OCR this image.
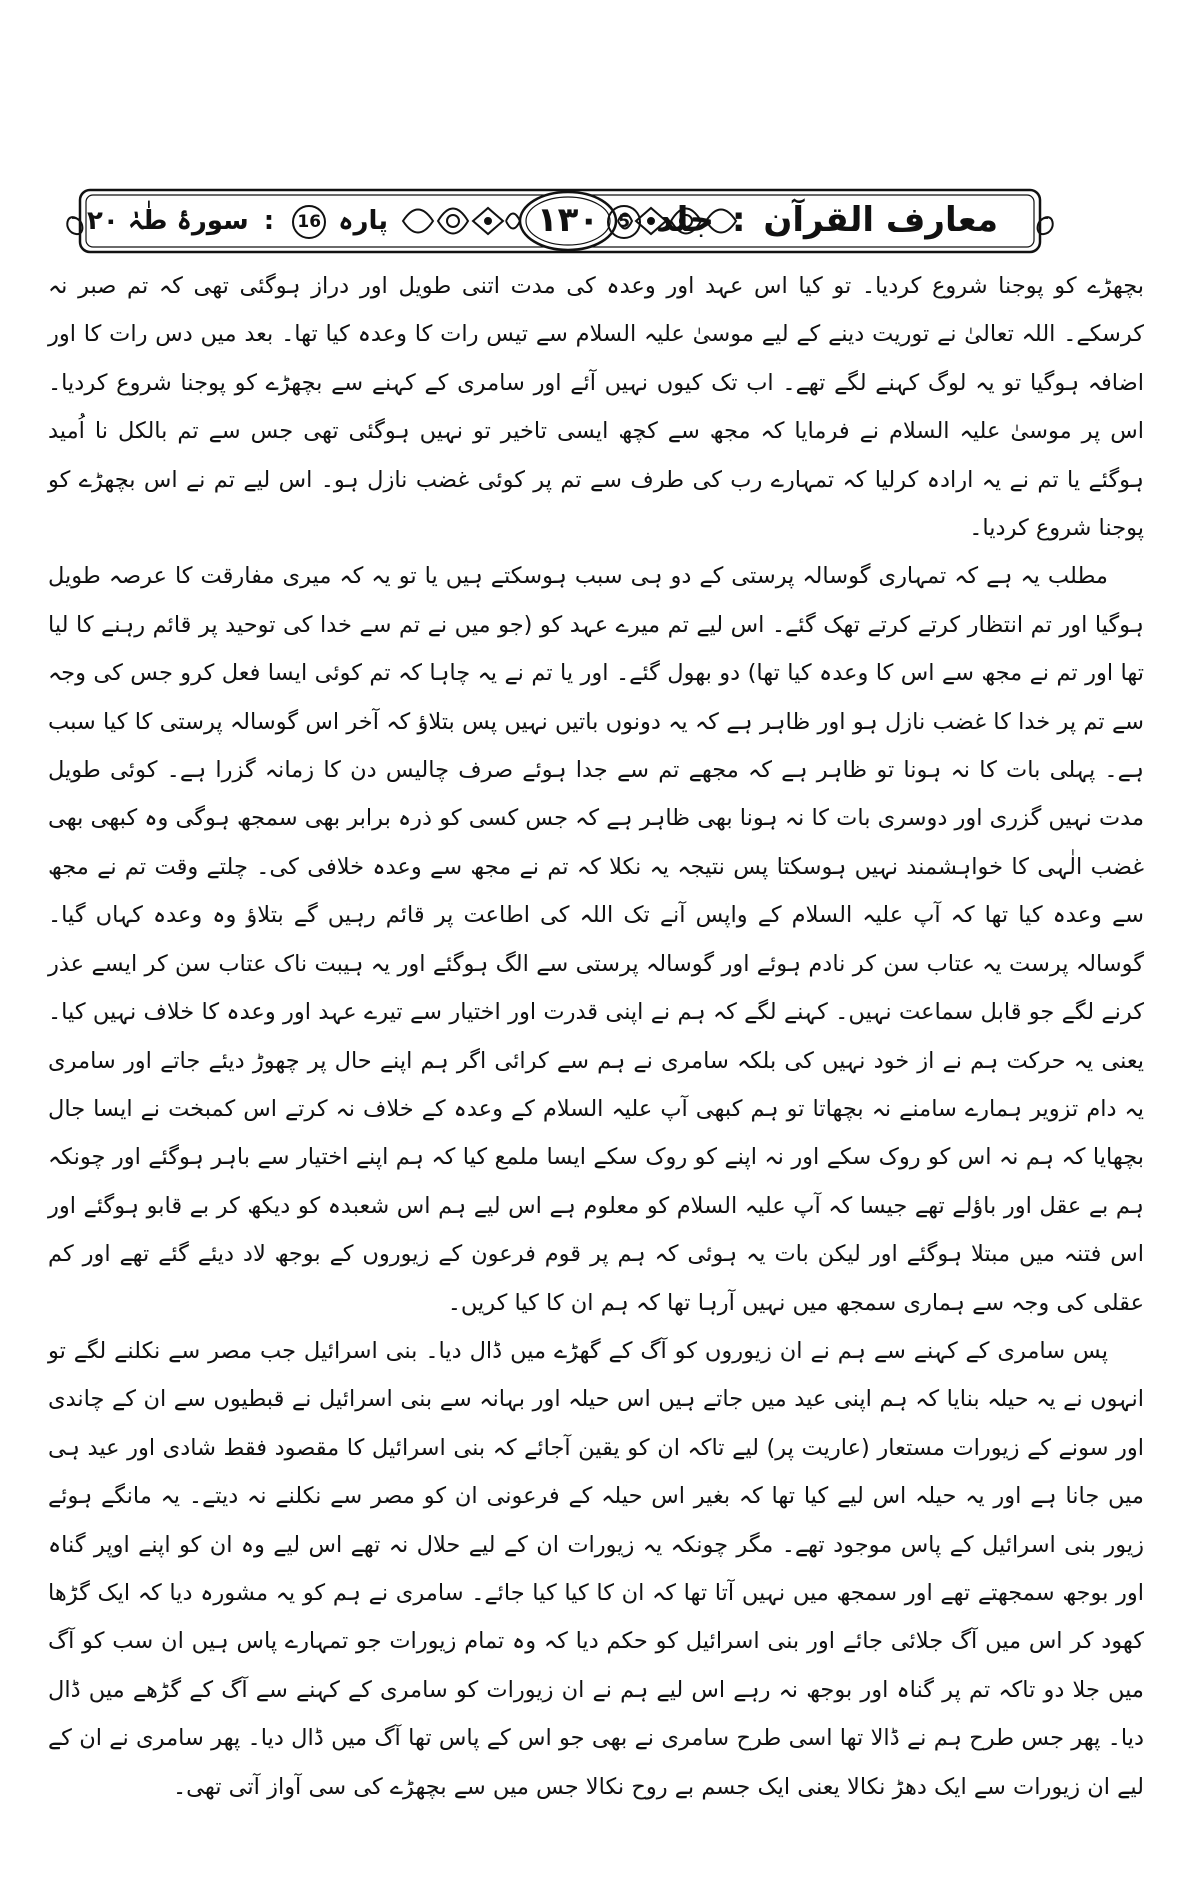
معارف القرآن : جلد 5
۱۳۰
پارہ 16 : سورۂ طٰہٰ ۲۰

بچھڑے کو پوجنا شروع کردیا۔ تو کیا اس عہد اور وعدہ کی مدت اتنی طویل اور دراز ہوگئی تھی کہ تم صبر نہ کرسکے۔ اللہ تعالیٰ نے توریت دینے کے لیے موسیٰ علیہ السلام سے تیس رات کا وعدہ کیا تھا۔ بعد میں دس رات کا اور اضافہ ہوگیا تو یہ لوگ کہنے لگے تھے۔ اب تک کیوں نہیں آئے اور سامری کے کہنے سے بچھڑے کو پوجنا شروع کردیا۔ اس پر موسیٰ علیہ السلام نے فرمایا کہ مجھ سے کچھ ایسی تاخیر تو نہیں ہوگئی تھی جس سے تم بالکل نا اُمید ہوگئے یا تم نے یہ ارادہ کرلیا کہ تمہارے رب کی طرف سے تم پر کوئی غضب نازل ہو۔ اس لیے تم نے اس بچھڑے کو پوجنا شروع کردیا۔

مطلب یہ ہے کہ تمہاری گوسالہ پرستی کے دو ہی سبب ہوسکتے ہیں یا تو یہ کہ میری مفارقت کا عرصہ طویل ہوگیا اور تم انتظار کرتے کرتے تھک گئے۔ اس لیے تم میرے عہد کو (جو میں نے تم سے خدا کی توحید پر قائم رہنے کا لیا تھا اور تم نے مجھ سے اس کا وعدہ کیا تھا) دو بھول گئے۔ اور یا تم نے یہ چاہا کہ تم کوئی ایسا فعل کرو جس کی وجہ سے تم پر خدا کا غضب نازل ہو اور ظاہر ہے کہ یہ دونوں باتیں نہیں پس بتلاؤ کہ آخر اس گوسالہ پرستی کا کیا سبب ہے۔ پہلی بات کا نہ ہونا تو ظاہر ہے کہ مجھے تم سے جدا ہوئے صرف چالیس دن کا زمانہ گزرا ہے۔ کوئی طویل مدت نہیں گزری اور دوسری بات کا نہ ہونا بھی ظاہر ہے کہ جس کسی کو ذرہ برابر بھی سمجھ ہوگی وہ کبھی بھی غضب الٰہی کا خواہشمند نہیں ہوسکتا پس نتیجہ یہ نکلا کہ تم نے مجھ سے وعدہ خلافی کی۔ چلتے وقت تم نے مجھ سے وعدہ کیا تھا کہ آپ علیہ السلام کے واپس آنے تک اللہ کی اطاعت پر قائم رہیں گے بتلاؤ وہ وعدہ کہاں گیا۔ گوسالہ پرست یہ عتاب سن کر نادم ہوئے اور گوسالہ پرستی سے الگ ہوگئے اور یہ ہیبت ناک عتاب سن کر ایسے عذر کرنے لگے جو قابل سماعت نہیں۔ کہنے لگے کہ ہم نے اپنی قدرت اور اختیار سے تیرے عہد اور وعدہ کا خلاف نہیں کیا۔ یعنی یہ حرکت ہم نے از خود نہیں کی بلکہ سامری نے ہم سے کرائی اگر ہم اپنے حال پر چھوڑ دیئے جاتے اور سامری یہ دام تزویر ہمارے سامنے نہ بچھاتا تو ہم کبھی آپ علیہ السلام کے وعدہ کے خلاف نہ کرتے اس کمبخت نے ایسا جال بچھایا کہ ہم نہ اس کو روک سکے اور نہ اپنے کو روک سکے ایسا ملمع کیا کہ ہم اپنے اختیار سے باہر ہوگئے اور چونکہ ہم بے عقل اور باؤلے تھے جیسا کہ آپ علیہ السلام کو معلوم ہے اس لیے ہم اس شعبدہ کو دیکھ کر بے قابو ہوگئے اور اس فتنہ میں مبتلا ہوگئے اور لیکن بات یہ ہوئی کہ ہم پر قوم فرعون کے زیوروں کے بوجھ لاد دیئے گئے تھے اور کم عقلی کی وجہ سے ہماری سمجھ میں نہیں آرہا تھا کہ ہم ان کا کیا کریں۔

پس سامری کے کہنے سے ہم نے ان زیوروں کو آگ کے گھڑے میں ڈال دیا۔ بنی اسرائیل جب مصر سے نکلنے لگے تو انہوں نے یہ حیلہ بنایا کہ ہم اپنی عید میں جاتے ہیں اس حیلہ اور بہانہ سے بنی اسرائیل نے قبطیوں سے ان کے چاندی اور سونے کے زیورات مستعار (عاریت پر) لیے تاکہ ان کو یقین آجائے کہ بنی اسرائیل کا مقصود فقط شادی اور عید ہی میں جانا ہے اور یہ حیلہ اس لیے کیا تھا کہ بغیر اس حیلہ کے فرعونی ان کو مصر سے نکلنے نہ دیتے۔ یہ مانگے ہوئے زیور بنی اسرائیل کے پاس موجود تھے۔ مگر چونکہ یہ زیورات ان کے لیے حلال نہ تھے اس لیے وہ ان کو اپنے اوپر گناہ اور بوجھ سمجھتے تھے اور سمجھ میں نہیں آتا تھا کہ ان کا کیا کیا جائے۔ سامری نے ہم کو یہ مشورہ دیا کہ ایک گڑھا کھود کر اس میں آگ جلائی جائے اور بنی اسرائیل کو حکم دیا کہ وہ تمام زیورات جو تمہارے پاس ہیں ان سب کو آگ میں جلا دو تاکہ تم پر گناہ اور بوجھ نہ رہے اس لیے ہم نے ان زیورات کو سامری کے کہنے سے آگ کے گڑھے میں ڈال دیا۔ پھر جس طرح ہم نے ڈالا تھا اسی طرح سامری نے بھی جو اس کے پاس تھا آگ میں ڈال دیا۔ پھر سامری نے ان کے لیے ان زیورات سے ایک دھڑ نکالا یعنی ایک جسم بے روح نکالا جس میں سے بچھڑے کی سی آواز آتی تھی۔
